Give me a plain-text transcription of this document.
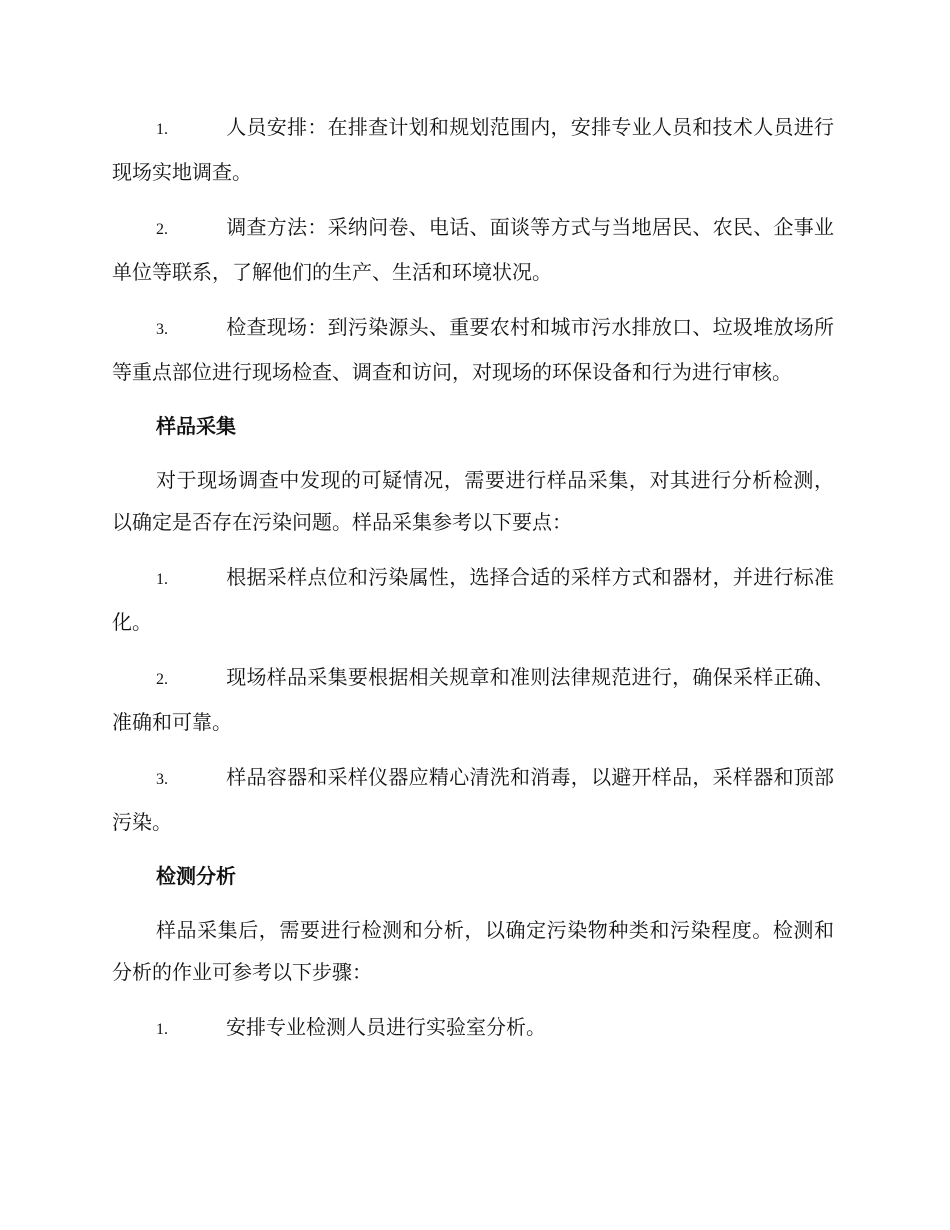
1.	人员安排：在排查计划和规划范围内，安排专业人员和技术人员进行现场实地调查。

2.	调查方法：采纳问卷、电话、面谈等方式与当地居民、农民、企事业单位等联系，了解他们的生产、生活和环境状况。

3.	检查现场：到污染源头、重要农村和城市污水排放口、垃圾堆放场所等重点部位进行现场检查、调查和访问，对现场的环保设备和行为进行审核。

样品采集

对于现场调查中发现的可疑情况，需要进行样品采集，对其进行分析检测，以确定是否存在污染问题。样品采集参考以下要点：

1.	根据采样点位和污染属性，选择合适的采样方式和器材，并进行标准化。

2.	现场样品采集要根据相关规章和准则法律规范进行，确保采样正确、准确和可靠。

3.	样品容器和采样仪器应精心清洗和消毒，以避开样品，采样器和顶部污染。

检测分析

样品采集后，需要进行检测和分析，以确定污染物种类和污染程度。检测和分析的作业可参考以下步骤：

1.	安排专业检测人员进行实验室分析。
